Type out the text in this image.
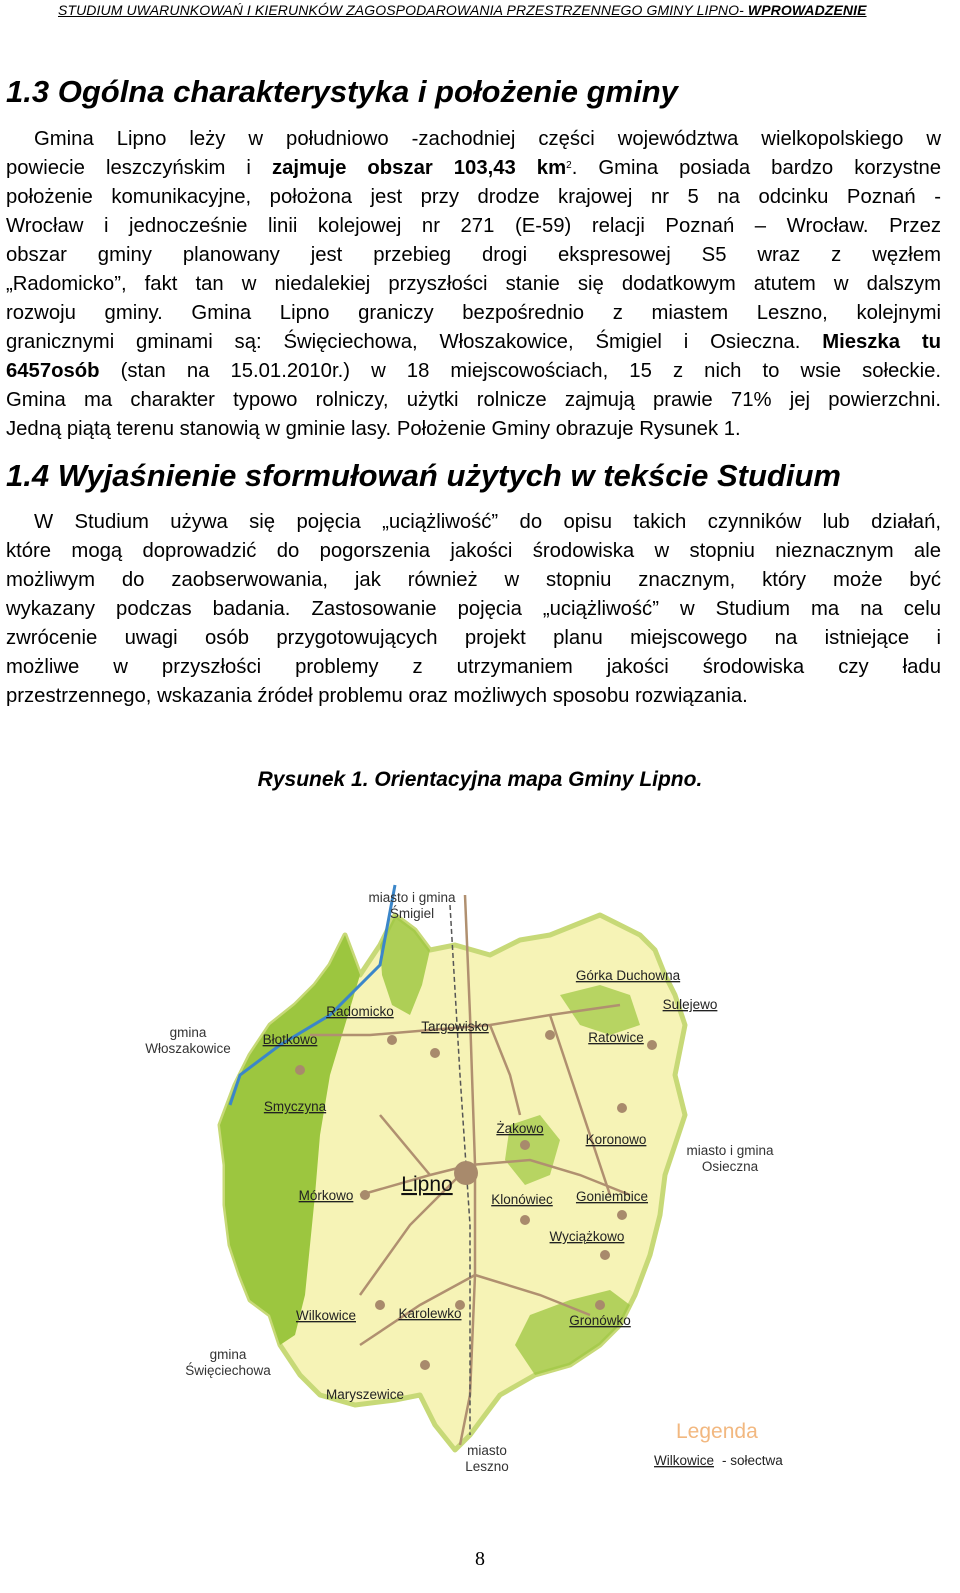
STUDIUM UWARUNKOWAŃ I KIERUNKÓW ZAGOSPODAROWANIA PRZESTRZENNEGO GMINY LIPNO- WPROWADZENIE
1.3 Ogólna charakterystyka i położenie gminy
Gmina Lipno leży w południowo -zachodniej części województwa wielkopolskiego w
powiecie leszczyńskim i zajmuje obszar 103,43 $km^2$. Gmina posiada bardzo korzystne
położenie komunikacyjne, położona jest przy drodze krajowej nr 5 na odcinku Poznań -
Wrocław i jednocześnie linii kolejowej nr 271 (E-59) relacji Poznań – Wrocław. Przez
obszar gminy planowany jest przebieg drogi ekspresowej S5 wraz z węzłem
„Radomicko”, fakt tan w niedalekiej przyszłości stanie się dodatkowym atutem w dalszym
rozwoju gminy. Gmina Lipno graniczy bezpośrednio z miastem Leszno, kolejnymi
granicznymi gminami są: Święciechowa, Włoszakowice, Śmigiel i Osieczna. Mieszka tu
6457osób (stan na 15.01.2010r.) w 18 miejscowościach, 15 z nich to wsie sołeckie.
Gmina ma charakter typowo rolniczy, użytki rolnicze zajmują prawie 71% jej powierzchni.
Jedną piątą terenu stanowią w gminie lasy. Położenie Gminy obrazuje Rysunek 1.
1.4 Wyjaśnienie sformułowań użytych w tekście Studium
W Studium używa się pojęcia „uciążliwość” do opisu takich czynników lub działań,
które mogą doprowadzić do pogorszenia jakości środowiska w stopniu nieznacznym ale
możliwym do zaobserwowania, jak również w stopniu znacznym, który może być
wykazany podczas badania. Zastosowanie pojęcia „uciążliwość” w Studium ma na celu
zwrócenie uwagi osób przygotowujących projekt planu miejscowego na istniejące i
możliwe w przyszłości problemy z utrzymaniem jakości środowiska czy ładu
przestrzennego, wskazania źródeł problemu oraz możliwych sposobu rozwiązania.
Rysunek 1. Orientacyjna mapa Gminy Lipno.
miasto i gmina
Śmigiel
gmina
Włoszakowice
miasto i gmina
Osieczna
gmina
Święciechowa
miasto
Leszno
Górka Duchowna
Radomicko
Targowisko
Sulejewo
Błotkowo	Ratowice
Smyczyna
Żakowo
Koronowo
Mórkowo	Klonówiec Goniembice
Wyciążkowo
Wilkowice	Karolewko	Gronówko
Maryszewice
Lipno
Legenda
Wilkowice - sołectwa
8
